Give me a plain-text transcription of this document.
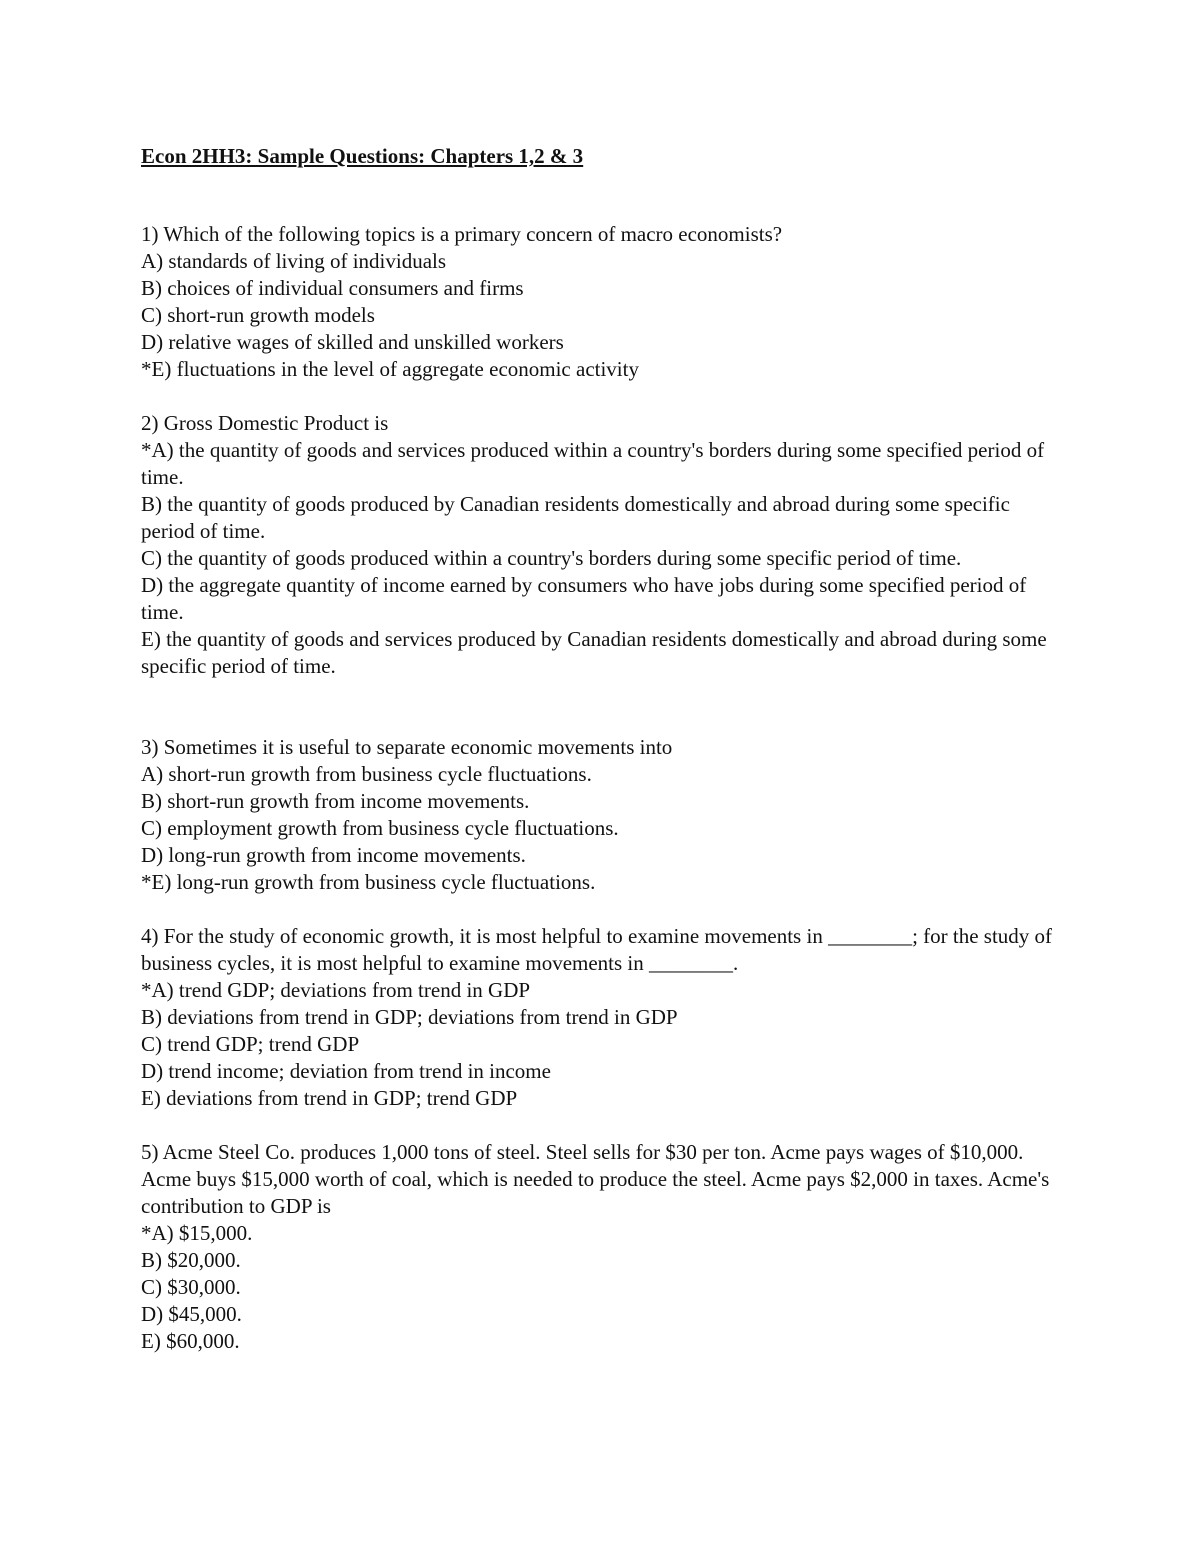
Econ 2HH3: Sample Questions: Chapters 1,2 & 3

1) Which of the following topics is a primary concern of macro economists?

A) standards of living of individuals

B) choices of individual consumers and firms

C) short-run growth models

D) relative wages of skilled and unskilled workers

*E) fluctuations in the level of aggregate economic activity

2) Gross Domestic Product is

*A) the quantity of goods and services produced within a country's borders during some specified period of time.

B) the quantity of goods produced by Canadian residents domestically and abroad during some specific period of time.

C) the quantity of goods produced within a country's borders during some specific period of time.

D) the aggregate quantity of income earned by consumers who have jobs during some specified period of time.

E) the quantity of goods and services produced by Canadian residents domestically and abroad during some specific period of time.

3) Sometimes it is useful to separate economic movements into

A) short-run growth from business cycle fluctuations.

B) short-run growth from income movements.

C) employment growth from business cycle fluctuations.

D) long-run growth from income movements.

*E) long-run growth from business cycle fluctuations.

4) For the study of economic growth, it is most helpful to examine movements in ________; for the study of business cycles, it is most helpful to examine movements in ________.

*A) trend GDP; deviations from trend in GDP

B) deviations from trend in GDP; deviations from trend in GDP

C) trend GDP; trend GDP

D) trend income; deviation from trend in income

E) deviations from trend in GDP; trend GDP

5) Acme Steel Co. produces 1,000 tons of steel. Steel sells for $30 per ton. Acme pays wages of $10,000. Acme buys $15,000 worth of coal, which is needed to produce the steel. Acme pays $2,000 in taxes. Acme's contribution to GDP is

*A) $15,000.

B) $20,000.

C) $30,000.

D) $45,000.

E) $60,000.
